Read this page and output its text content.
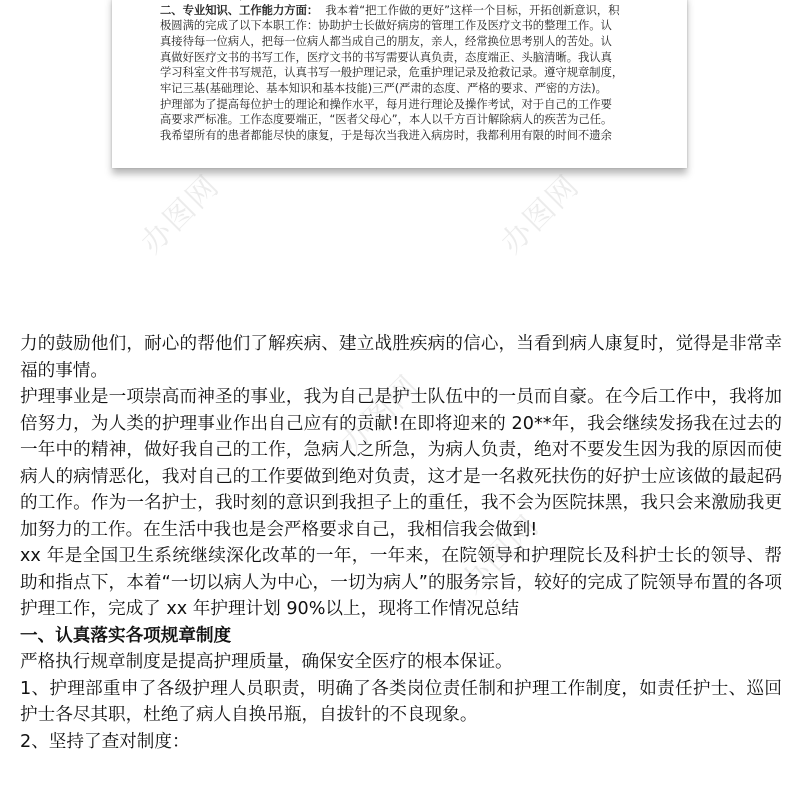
二、专业知识、工作能力方面： 我本着“把工作做的更好”这样一个目标，开拓创新意识，积

极圆满的完成了以下本职工作：协助护士长做好病房的管理工作及医疗文书的整理工作。认

真接待每一位病人，把每一位病人都当成自己的朋友，亲人，经常换位思考别人的苦处。认

真做好医疗文书的书写工作，医疗文书的书写需要认真负责，态度端正、头脑清晰。我认真

学习科室文件书写规范，认真书写一般护理记录，危重护理记录及抢救记录。遵守规章制度，

牢记三基(基础理论、基本知识和基本技能)三严(严肃的态度、严格的要求、严密的方法)。

护理部为了提高每位护士的理论和操作水平，每月进行理论及操作考试，对于自己的工作要

高要求严标准。工作态度要端正，“医者父母心”，本人以千方百计解除病人的疾苦为己任。

我希望所有的患者都能尽快的康复，于是每次当我进入病房时，我都利用有限的时间不遗余

办图网	办图网
办图网
办图网

力的鼓励他们，耐心的帮他们了解疾病、建立战胜疾病的信心，当看到病人康复时，觉得是非常幸福的事情。

护理事业是一项崇高而神圣的事业，我为自己是护士队伍中的一员而自豪。在今后工作中，我将加倍努力，为人类的护理事业作出自己应有的贡献!在即将迎来的 20**年，我会继续发扬我在过去的一年中的精神，做好我自己的工作，急病人之所急，为病人负责，绝对不要发生因为我的原因而使病人的病情恶化，我对自己的工作要做到绝对负责，这才是一名救死扶伤的好护士应该做的最起码的工作。作为一名护士，我时刻的意识到我担子上的重任，我不会为医院抹黑，我只会来激励我更加努力的工作。在生活中我也是会严格要求自己，我相信我会做到!

xx 年是全国卫生系统继续深化改革的一年，一年来，在院领导和护理院长及科护士长的领导、帮助和指点下，本着“一切以病人为中心，一切为病人”的服务宗旨，较好的完成了院领导布置的各项护理工作，完成了 xx 年护理计划 90%以上，现将工作情况总结

一、认真落实各项规章制度

严格执行规章制度是提高护理质量，确保安全医疗的根本保证。

1、护理部重申了各级护理人员职责，明确了各类岗位责任制和护理工作制度，如责任护士、巡回护士各尽其职，杜绝了病人自换吊瓶，自拔针的不良现象。

2、坚持了查对制度：
